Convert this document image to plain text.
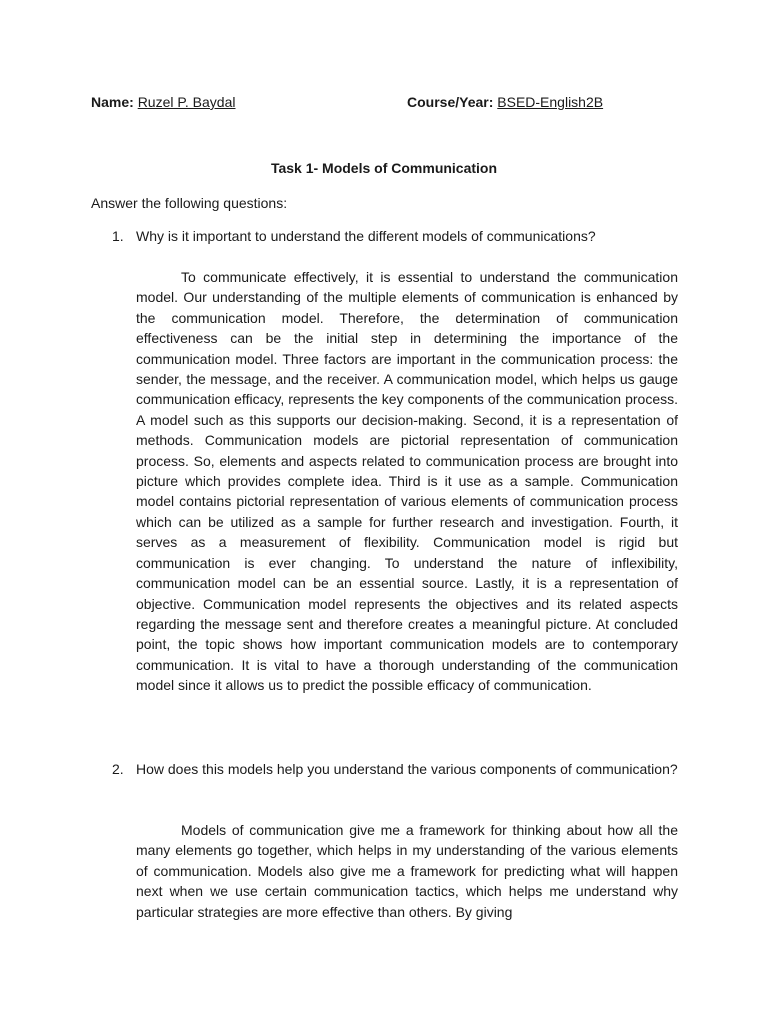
Name: Ruzel P. Baydal	Course/Year: BSED-English2B
Task 1- Models of Communication
Answer the following questions:
1. Why is it important to understand the different models of communications?

To communicate effectively, it is essential to understand the communication model. Our understanding of the multiple elements of communication is enhanced by the communication model. Therefore, the determination of communication effectiveness can be the initial step in determining the importance of the communication model. Three factors are important in the communication process: the sender, the message, and the receiver. A communication model, which helps us gauge communication efficacy, represents the key components of the communication process. A model such as this supports our decision-making. Second, it is a representation of methods. Communication models are pictorial representation of communication process. So, elements and aspects related to communication process are brought into picture which provides complete idea. Third is it use as a sample. Communication model contains pictorial representation of various elements of communication process which can be utilized as a sample for further research and investigation. Fourth, it serves as a measurement of flexibility. Communication model is rigid but communication is ever changing. To understand the nature of inflexibility, communication model can be an essential source. Lastly, it is a representation of objective. Communication model represents the objectives and its related aspects regarding the message sent and therefore creates a meaningful picture. At concluded point, the topic shows how important communication models are to contemporary communication. It is vital to have a thorough understanding of the communication model since it allows us to predict the possible efficacy of communication.

2. How does this models help you understand the various components of communication?

Models of communication give me a framework for thinking about how all the many elements go together, which helps in my understanding of the various elements of communication. Models also give me a framework for predicting what will happen next when we use certain communication tactics, which helps me understand why particular strategies are more effective than others. By giving
